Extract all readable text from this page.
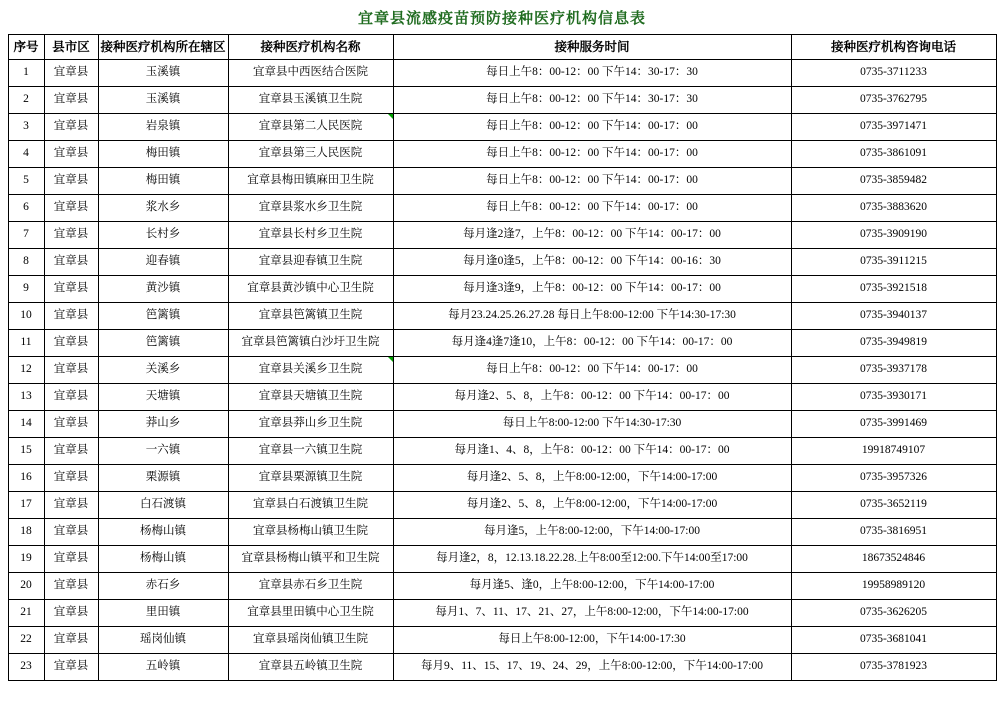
宜章县流感疫苗预防接种医疗机构信息表
序号	县市区	接种医疗机构所在辖区	接种医疗机构名称	接种服务时间	接种医疗机构咨询电话
1	宜章县	玉溪镇	宜章县中西医结合医院	每日上午8：00-12：00 下午14：30-17：30	0735-3711233
2	宜章县	玉溪镇	宜章县玉溪镇卫生院	每日上午8：00-12：00 下午14：30-17：30	0735-3762795
3	宜章县	岩泉镇	宜章县第二人民医院	每日上午8：00-12：00 下午14：00-17：00	0735-3971471
4	宜章县	梅田镇	宜章县第三人民医院	每日上午8：00-12：00 下午14：00-17：00	0735-3861091
5	宜章县	梅田镇	宜章县梅田镇麻田卫生院	每日上午8：00-12：00 下午14：00-17：00	0735-3859482
6	宜章县	浆水乡	宜章县浆水乡卫生院	每日上午8：00-12：00 下午14：00-17：00	0735-3883620
7	宜章县	长村乡	宜章县长村乡卫生院	每月逢2逢7，上午8：00-12：00 下午14：00-17：00	0735-3909190
8	宜章县	迎春镇	宜章县迎春镇卫生院	每月逢0逢5，上午8：00-12：00 下午14：00-16：30	0735-3911215
9	宜章县	黄沙镇	宜章县黄沙镇中心卫生院	每月逢3逢9，上午8：00-12：00 下午14：00-17：00	0735-3921518
10	宜章县	笆篱镇	宜章县笆篱镇卫生院	每月23.24.25.26.27.28 每日上午8:00-12:00 下午14:30-17:30	0735-3940137
11	宜章县	笆篱镇	宜章县笆篱镇白沙圩卫生院	每月逢4逢7逢10，上午8：00-12：00 下午14：00-17：00	0735-3949819
12	宜章县	关溪乡	宜章县关溪乡卫生院	每日上午8：00-12：00 下午14：00-17：00	0735-3937178
13	宜章县	天塘镇	宜章县天塘镇卫生院	每月逢2、5、8，上午8：00-12：00 下午14：00-17：00	0735-3930171
14	宜章县	莽山乡	宜章县莽山乡卫生院	每日上午8:00-12:00 下午14:30-17:30	0735-3991469
15	宜章县	一六镇	宜章县一六镇卫生院	每月逢1、4、8，上午8：00-12：00 下午14：00-17：00	19918749107
16	宜章县	栗源镇	宜章县栗源镇卫生院	每月逢2、5、8，上午8:00-12:00，下午14:00-17:00	0735-3957326
17	宜章县	白石渡镇	宜章县白石渡镇卫生院	每月逢2、5、8，上午8:00-12:00，下午14:00-17:00	0735-3652119
18	宜章县	杨梅山镇	宜章县杨梅山镇卫生院	每月逢5，上午8:00-12:00，下午14:00-17:00	0735-3816951
19	宜章县	杨梅山镇	宜章县杨梅山镇平和卫生院	每月逢2，8，12.13.18.22.28.上午8:00至12:00.下午14:00至17:00	18673524846
20	宜章县	赤石乡	宜章县赤石乡卫生院	每月逢5、逢0，上午8:00-12:00，下午14:00-17:00	19958989120
21	宜章县	里田镇	宜章县里田镇中心卫生院	每月1、7、11、17、21、27，上午8:00-12:00，下午14:00-17:00	0735-3626205
22	宜章县	瑶岗仙镇	宜章县瑶岗仙镇卫生院	每日上午8:00-12:00，下午14:00-17:30	0735-3681041
23	宜章县	五岭镇	宜章县五岭镇卫生院	每月9、11、15、17、19、24、29，上午8:00-12:00，下午14:00-17:00	0735-3781923
